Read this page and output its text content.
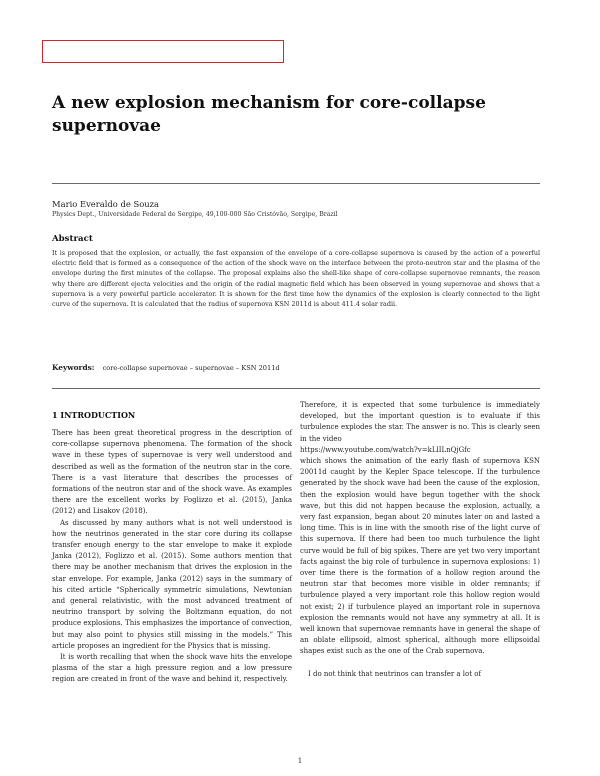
A new explosion mechanism for core-collapse supernovae
Mario Everaldo de Souza
Physics Dept., Universidade Federal de Sergipe, 49,100-000 São Cristóvão, Sergipe, Brazil
Abstract
It is proposed that the explosion, or actually, the fast expansion of the envelope of a core-collapse supernova is caused by the action of a powerful electric field that is formed as a consequence of the action of the shock wave on the interface between the proto-neutron star and the plasma of the envelope during the first minutes of the collapse. The proposal explains also the shell-like shape of core-collapse supernovae remnants, the reason why there are different ejecta velocities and the origin of the radial magnetic field which has been observed in young supernovae and shows that a supernova is a very powerful particle accelerator. It is shown for the first time how the dynamics of the explosion is clearly connected to the light curve of the supernova. It is calculated that the radius of supernova KSN 2011d is about 411.4 solar radii.
Keywords: core-collapse supernovae – supernovae – KSN 2011d
1 INTRODUCTION

There has been great theoretical progress in the description of core-collapse supernova phenomena. The formation of the shock wave in these types of supernovae is very well understood and described as well as the formation of the neutron star in the core. There is a vast literature that describes the processes of formations of the neutron star and of the shock wave. As examples there are the excellent works by Foglizzo et al. (2015), Janka (2012) and Lisakov (2018).

As discussed by many authors what is not well understood is how the neutrinos generated in the star core during its collapse transfer enough energy to the star envelope to make it explode Janka (2012), Foglizzo et al. (2015). Some authors mention that there may be another mechanism that drives the explosion in the star envelope. For example, Janka (2012) says in the summary of his cited article “Spherically symmetric simulations, Newtonian and general relativistic, with the most advanced treatment of neutrino transport by solving the Boltzmann equation, do not produce explosions. This emphasizes the importance of convection, but may also point to physics still missing in the models.” This article proposes an ingredient for the Physics that is missing.

It is worth recalling that when the shock wave hits the envelope plasma of the star a high pressure region and a low pressure region are created in front of the wave and behind it, respectively.

Therefore, it is expected that some turbulence is immediately developed, but the important question is to evaluate if this turbulence explodes the star. The answer is no. This is clearly seen in the video
https://www.youtube.com/watch?v=kLlILnQjGfc
which shows the animation of the early flash of supernova KSN 20011d caught by the Kepler Space telescope. If the turbulence generated by the shock wave had been the cause of the explosion, then the explosion would have begun together with the shock wave, but this did not happen because the explosion, actually, a very fast expansion, began about 20 minutes later on and lasted a long time. This is in line with the smooth rise of the light curve of this supernova. If there had been too much turbulence the light curve would be full of big spikes. There are yet two very important facts against the big role of turbulence in supernova explosions: 1) over time there is the formation of a hollow region around the neutron star that becomes more visible in older remnants; if turbulence played a very important role this hollow region would not exist; 2) if turbulence played an important role in supernova explosion the remnants would not have any symmetry at all. It is well known that supernovae remnants have in general the shape of an oblate ellipsoid, almost spherical, although more ellipsoidal shapes exist such as the one of the Crab supernova.

I do not think that neutrinos can transfer a lot of

1
